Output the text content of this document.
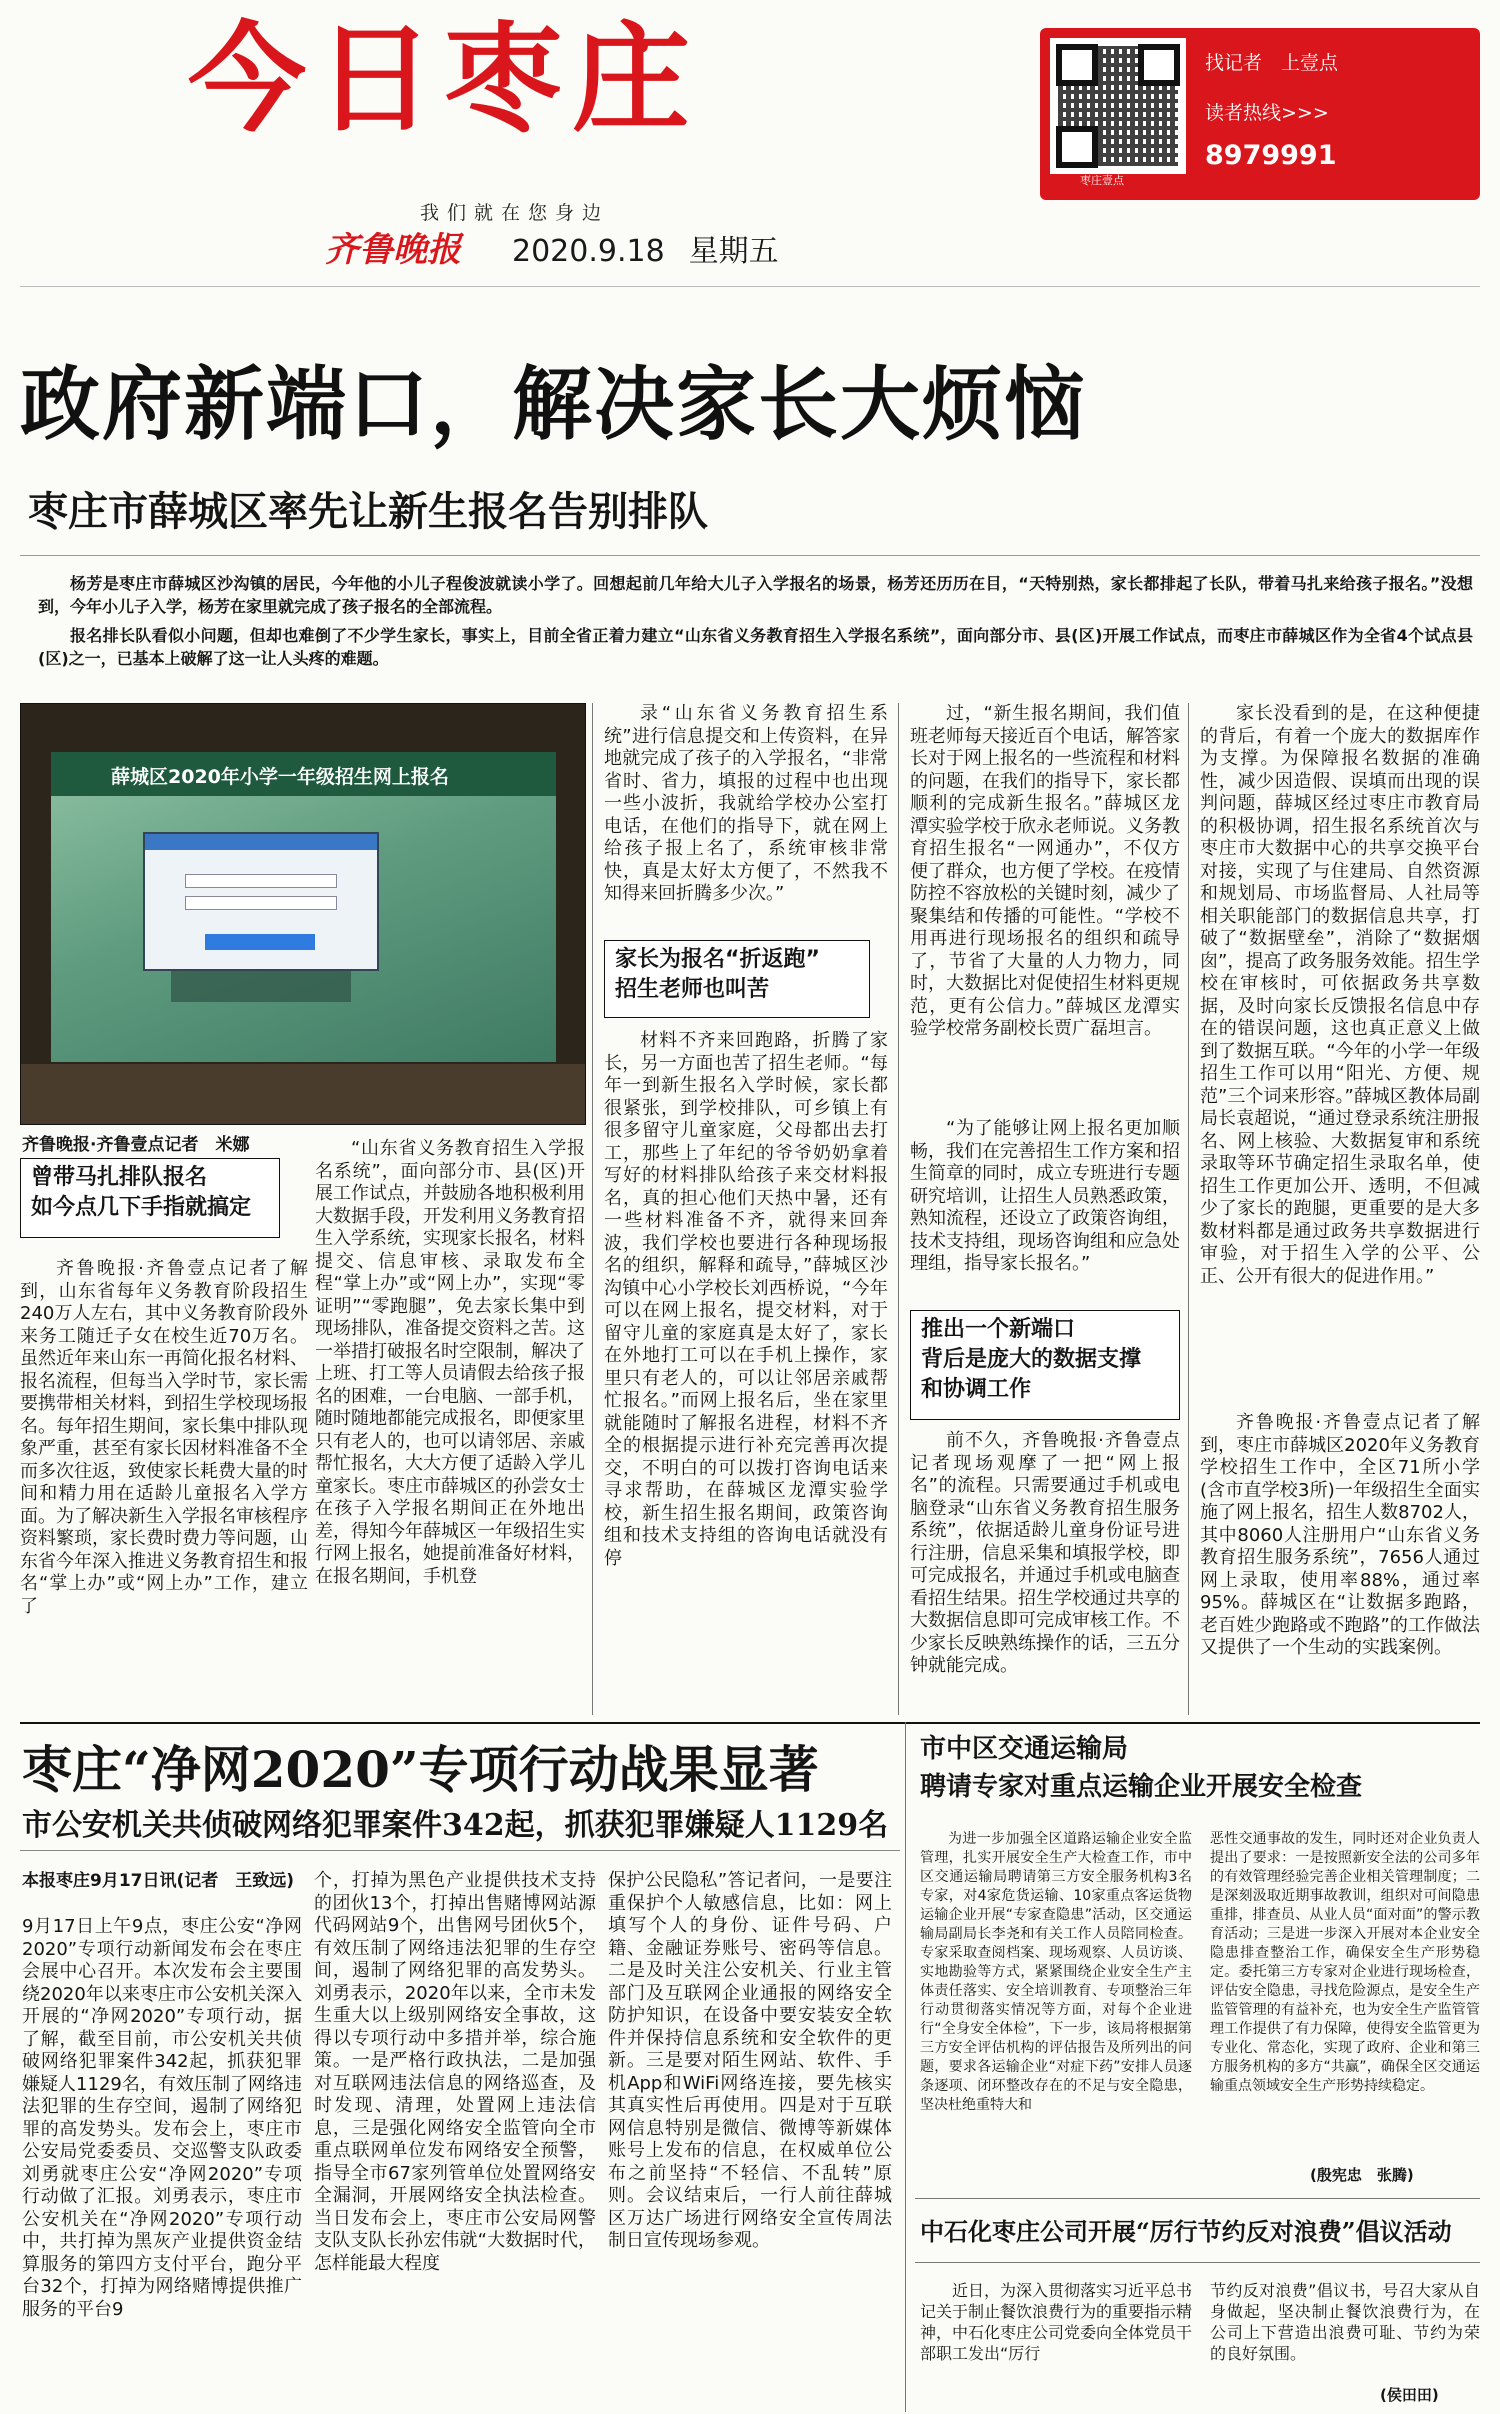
今日枣庄
我们就在您身边
齐鲁晚报 2020.9.18 星期五
找记者　上壹点
读者热线>>>
8979991
枣庄壹点
政府新端口，解决家长大烦恼
枣庄市薛城区率先让新生报名告别排队

杨芳是枣庄市薛城区沙沟镇的居民，今年他的小儿子程俊波就读小学了。回想起前几年给大儿子入学报名的场景，杨芳还历历在目，“天特别热，家长都排起了长队，带着马扎来给孩子报名。”没想到，今年小儿子入学，杨芳在家里就完成了孩子报名的全部流程。

报名排长队看似小问题，但却也难倒了不少学生家长，事实上，目前全省正着力建立“山东省义务教育招生入学报名系统”，面向部分市、县(区)开展工作试点，而枣庄市薛城区作为全省4个试点县(区)之一，已基本上破解了这一让人头疼的难题。

薛城区2020年小学一年级招生网上报名
齐鲁晚报·齐鲁壹点记者　米娜
曾带马扎排队报名
如今点几下手指就搞定
齐鲁晚报·齐鲁壹点记者了解到，山东省每年义务教育阶段招生240万人左右，其中义务教育阶段外来务工随迁子女在校生近70万名。虽然近年来山东一再简化报名材料、报名流程，但每当入学时节，家长需要携带相关材料，到招生学校现场报名。每年招生期间，家长集中排队现象严重，甚至有家长因材料准备不全而多次往返，致使家长耗费大量的时间和精力用在适龄儿童报名入学方面。为了解决新生入学报名审核程序资料繁琐，家长费时费力等问题，山东省今年深入推进义务教育招生和报名“掌上办”或“网上办”工作，建立了
“山东省义务教育招生入学报名系统”，面向部分市、县(区)开展工作试点，并鼓励各地积极利用大数据手段，开发利用义务教育招生入学系统，实现家长报名，材料提交、信息审核、录取发布全程“掌上办”或“网上办”，实现“零证明”“零跑腿”，免去家长集中到现场排队，准备提交资料之苦。这一举措打破报名时空限制，解决了上班、打工等人员请假去给孩子报名的困难，一台电脑、一部手机，随时随地都能完成报名，即便家里只有老人的，也可以请邻居、亲戚帮忙报名，大大方便了适龄入学儿童家长。枣庄市薛城区的孙尝女士在孩子入学报名期间正在外地出差，得知今年薛城区一年级招生实行网上报名，她提前准备好材料，在报名期间，手机登
录“山东省义务教育招生系统”进行信息提交和上传资料，在异地就完成了孩子的入学报名，“非常省时、省力，填报的过程中也出现一些小波折，我就给学校办公室打电话，在他们的指导下，就在网上给孩子报上名了，系统审核非常快，真是太好太方便了，不然我不知得来回折腾多少次。”
家长为报名“折返跑”
招生老师也叫苦
材料不齐来回跑路，折腾了家长，另一方面也苦了招生老师。“每年一到新生报名入学时候，家长都很紧张，到学校排队，可乡镇上有很多留守儿童家庭，父母都出去打工，那些上了年纪的爷爷奶奶拿着写好的材料排队给孩子来交材料报名，真的担心他们天热中暑，还有一些材料准备不齐，就得来回奔波，我们学校也要进行各种现场报名的组织，解释和疏导，”薛城区沙沟镇中心小学校长刘西桥说，“今年可以在网上报名，提交材料，对于留守儿童的家庭真是太好了，家长在外地打工可以在手机上操作，家里只有老人的，可以让邻居亲戚帮忙报名。”而网上报名后，坐在家里就能随时了解报名进程，材料不齐全的根据提示进行补充完善再次提交，不明白的可以拨打咨询电话来寻求帮助，在薛城区龙潭实验学校，新生招生报名期间，政策咨询组和技术支持组的咨询电话就没有停
过，“新生报名期间，我们值班老师每天接近百个电话，解答家长对于网上报名的一些流程和材料的问题，在我们的指导下，家长都顺利的完成新生报名。”薛城区龙潭实验学校于欣永老师说。义务教育招生报名“一网通办”，不仅方便了群众，也方便了学校。在疫情防控不容放松的关键时刻，减少了聚集结和传播的可能性。“学校不用再进行现场报名的组织和疏导了，节省了大量的人力物力，同时，大数据比对促使招生材料更规范，更有公信力。”薛城区龙潭实验学校常务副校长贾广磊坦言。
“为了能够让网上报名更加顺畅，我们在完善招生工作方案和招生简章的同时，成立专班进行专题研究培训，让招生人员熟悉政策，熟知流程，还设立了政策咨询组，技术支持组，现场咨询组和应急处理组，指导家长报名。”
推出一个新端口
背后是庞大的数据支撑
和协调工作
前不久，齐鲁晚报·齐鲁壹点记者现场观摩了一把“网上报名”的流程。只需要通过手机或电脑登录“山东省义务教育招生服务系统”，依据适龄儿童身份证号进行注册，信息采集和填报学校，即可完成报名，并通过手机或电脑查看招生结果。招生学校通过共享的大数据信息即可完成审核工作。不少家长反映熟练操作的话，三五分钟就能完成。
家长没看到的是，在这种便捷的背后，有着一个庞大的数据库作为支撑。为保障报名数据的准确性，减少因造假、误填而出现的误判问题，薛城区经过枣庄市教育局的积极协调，招生报名系统首次与枣庄市大数据中心的共享交换平台对接，实现了与住建局、自然资源和规划局、市场监督局、人社局等相关职能部门的数据信息共享，打破了“数据壁垒”，消除了“数据烟囱”，提高了政务服务效能。招生学校在审核时，可依据政务共享数据，及时向家长反馈报名信息中存在的错误问题，这也真正意义上做到了数据互联。“今年的小学一年级招生工作可以用“阳光、方便、规范”三个词来形容。”薛城区教体局副局长袁超说，“通过登录系统注册报名、网上核验、大数据复审和系统录取等环节确定招生录取名单，使招生工作更加公开、透明，不但减少了家长的跑腿，更重要的是大多数材料都是通过政务共享数据进行审验，对于招生入学的公平、公正、公开有很大的促进作用。”
齐鲁晚报·齐鲁壹点记者了解到，枣庄市薛城区2020年义务教育学校招生工作中，全区71所小学(含市直学校3所)一年级招生全面实施了网上报名，招生人数8702人，其中8060人注册用户“山东省义务教育招生服务系统”，7656人通过网上录取，使用率88%，通过率95%。薛城区在“让数据多跑路，老百姓少跑路或不跑路”的工作做法又提供了一个生动的实践案例。
枣庄“净网2020”专项行动战果显著
市公安机关共侦破网络犯罪案件342起，抓获犯罪嫌疑人1129名
本报枣庄9月17日讯(记者　王致远)
9月17日上午9点，枣庄公安“净网2020”专项行动新闻发布会在枣庄会展中心召开。本次发布会主要围绕2020年以来枣庄市公安机关深入开展的“净网2020”专项行动，据了解，截至目前，市公安机关共侦破网络犯罪案件342起，抓获犯罪嫌疑人1129名，有效压制了网络违法犯罪的生存空间，遏制了网络犯罪的高发势头。发布会上，枣庄市公安局党委委员、交巡警支队政委刘勇就枣庄公安“净网2020”专项行动做了汇报。刘勇表示，枣庄市公安机关在“净网2020”专项行动中，共打掉为黑灰产业提供资金结算服务的第四方支付平台，跑分平台32个，打掉为网络赌博提供推广服务的平台9
个，打掉为黑色产业提供技术支持的团伙13个，打掉出售赌博网站源代码网站9个，出售网号团伙5个，有效压制了网络违法犯罪的生存空间，遏制了网络犯罪的高发势头。刘勇表示，2020年以来，全市未发生重大以上级别网络安全事故，这得以专项行动中多措并举，综合施策。一是严格行政执法，二是加强对互联网违法信息的网络巡查，及时发现、清理，处置网上违法信息，三是强化网络安全监管向全市重点联网单位发布网络安全预警，指导全市67家列管单位处置网络安全漏洞，开展网络安全执法检查。当日发布会上，枣庄市公安局网警支队支队长孙宏伟就“大数据时代，怎样能最大程度
保护公民隐私”答记者问，一是要注重保护个人敏感信息，比如：网上填写个人的身份、证件号码、户籍、金融证券账号、密码等信息。二是及时关注公安机关、行业主管部门及互联网企业通报的网络安全防护知识，在设备中要安装安全软件并保持信息系统和安全软件的更新。三是要对陌生网站、软件、手机App和WiFi网络连接，要先核实其真实性后再使用。四是对于互联网信息特别是微信、微博等新媒体账号上发布的信息，在权威单位公布之前坚持“不轻信、不乱转”原则。会议结束后，一行人前往薛城区万达广场进行网络安全宣传周法制日宣传现场参观。
市中区交通运输局
聘请专家对重点运输企业开展安全检查
为进一步加强全区道路运输企业安全监管理，扎实开展安全生产大检查工作，市中区交通运输局聘请第三方安全服务机构3名专家，对4家危货运输、10家重点客运货物运输企业开展“专家查隐患”活动，区交通运输局副局长李尧和有关工作人员陪同检查。专家采取查阅档案、现场观察、人员访谈、实地勘验等方式，紧紧围绕企业安全生产主体责任落实、安全培训教育、专项整治三年行动贯彻落实情况等方面，对每个企业进行“全身安全体检”，下一步，该局将根据第三方安全评估机构的评估报告及所列出的问题，要求各运输企业“对症下药”安排人员逐条逐项、闭环整改存在的不足与安全隐患，坚决杜绝重特大和
恶性交通事故的发生，同时还对企业负责人提出了要求：一是按照新安全法的公司多年的有效管理经验完善企业相关管理制度；二是深刻汲取近期事故教训，组织对可间隐患重排，排查员、从业人员“面对面”的警示教育活动；三是进一步深入开展对本企业安全隐患排查整治工作，确保安全生产形势稳定。委托第三方专家对企业进行现场检查，评估安全隐患，寻找危险源点，是安全生产监管管理的有益补充，也为安全生产监管管理工作提供了有力保障，使得安全监管更为专业化、常态化，实现了政府、企业和第三方服务机构的多方“共赢”，确保全区交通运输重点领域安全生产形势持续稳定。
(殷宪忠　张腾)
中石化枣庄公司开展“厉行节约反对浪费”倡议活动
近日，为深入贯彻落实习近平总书记关于制止餐饮浪费行为的重要指示精神，中石化枣庄公司党委向全体党员干部职工发出“厉行
节约反对浪费”倡议书，号召大家从自身做起，坚决制止餐饮浪费行为，在公司上下营造出浪费可耻、节约为荣的良好氛围。
(侯田田)
